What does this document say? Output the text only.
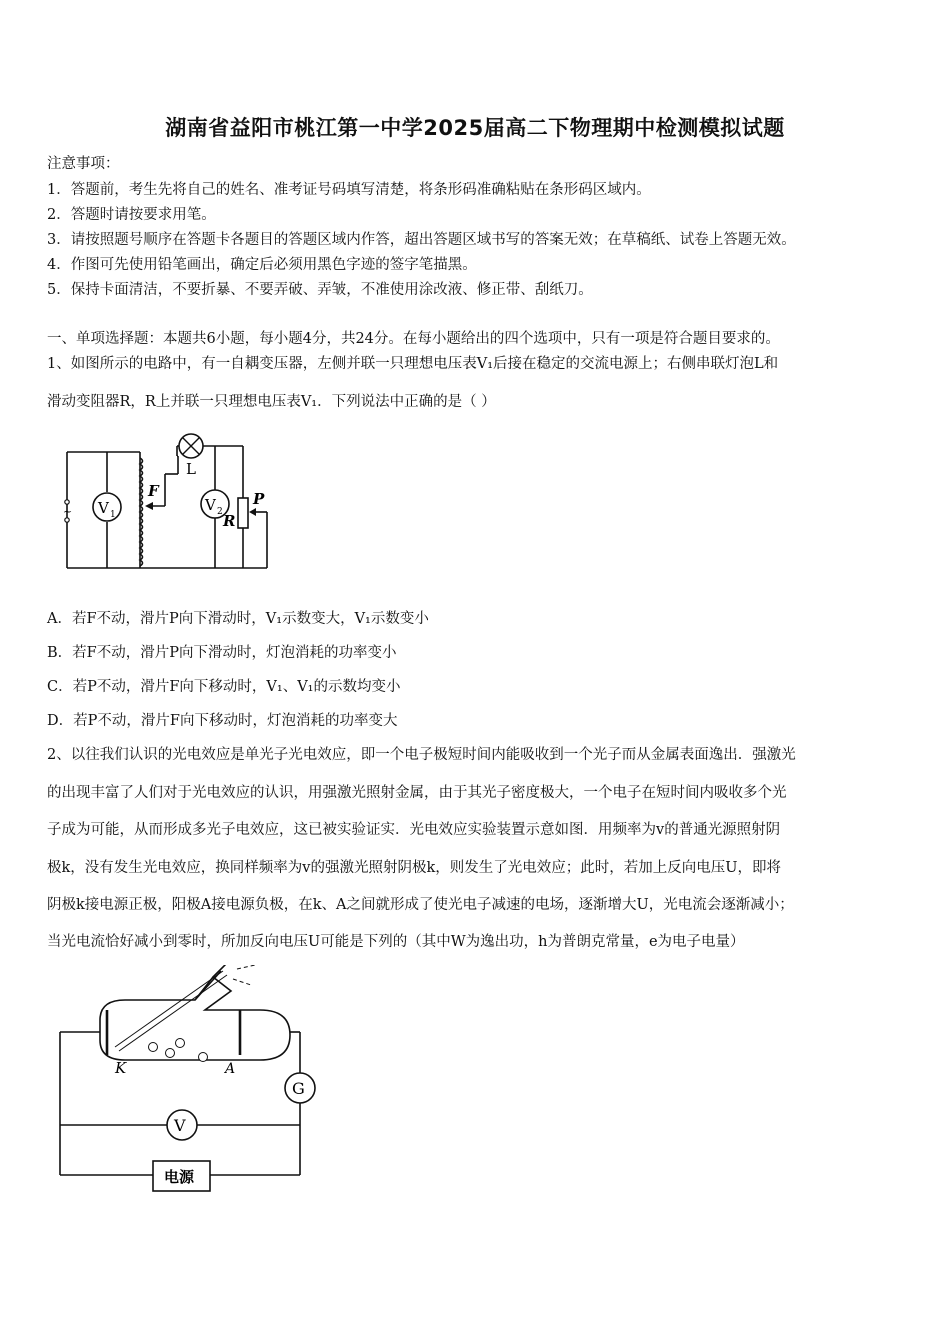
湖南省益阳市桃江第一中学2025届高二下物理期中检测模拟试题
注意事项：
1．答题前，考生先将自己的姓名、准考证号码填写清楚，将条形码准确粘贴在条形码区域内。
2．答题时请按要求用笔。
3．请按照题号顺序在答题卡各题目的答题区域内作答，超出答题区域书写的答案无效；在草稿纸、试卷上答题无效。
4．作图可先使用铅笔画出，确定后必须用黑色字迹的签字笔描黑。
5．保持卡面清洁，不要折暴、不要弄破、弄皱，不准使用涂改液、修正带、刮纸刀。
一、单项选择题：本题共6小题，每小题4分，共24分。在每小题给出的四个选项中，只有一项是符合题目要求的。
1、如图所示的电路中，有一自耦变压器，左侧并联一只理想电压表V₁后接在稳定的交流电源上；右侧串联灯泡L和
滑动变阻器R，R上并联一只理想电压表V₁．下列说法中正确的是（ ）
~ V 1
F
L
V 2 R
P
A．若F不动，滑片P向下滑动时，V₁示数变大，V₁示数变小
B．若F不动，滑片P向下滑动时，灯泡消耗的功率变小
C．若P不动，滑片F向下移动时，V₁、V₁的示数均变小
D．若P不动，滑片F向下移动时，灯泡消耗的功率变大
2、以往我们认识的光电效应是单光子光电效应，即一个电子极短时间内能吸收到一个光子而从金属表面逸出．强激光
的出现丰富了人们对于光电效应的认识，用强激光照射金属，由于其光子密度极大，一个电子在短时间内吸收多个光
子成为可能，从而形成多光子电效应，这已被实验证实．光电效应实验装置示意如图．用频率为v的普通光源照射阴
极k，没有发生光电效应，换同样频率为v的强激光照射阴极k，则发生了光电效应；此时，若加上反向电压U，即将
阴极k接电源正极，阳极A接电源负极，在k、A之间就形成了使光电子减速的电场，逐渐增大U，光电流会逐渐减小；
当光电流恰好减小到零时，所加反向电压U可能是下列的（其中W为逸出功，h为普朗克常量，e为电子电量）
K	A
G
V
电源
